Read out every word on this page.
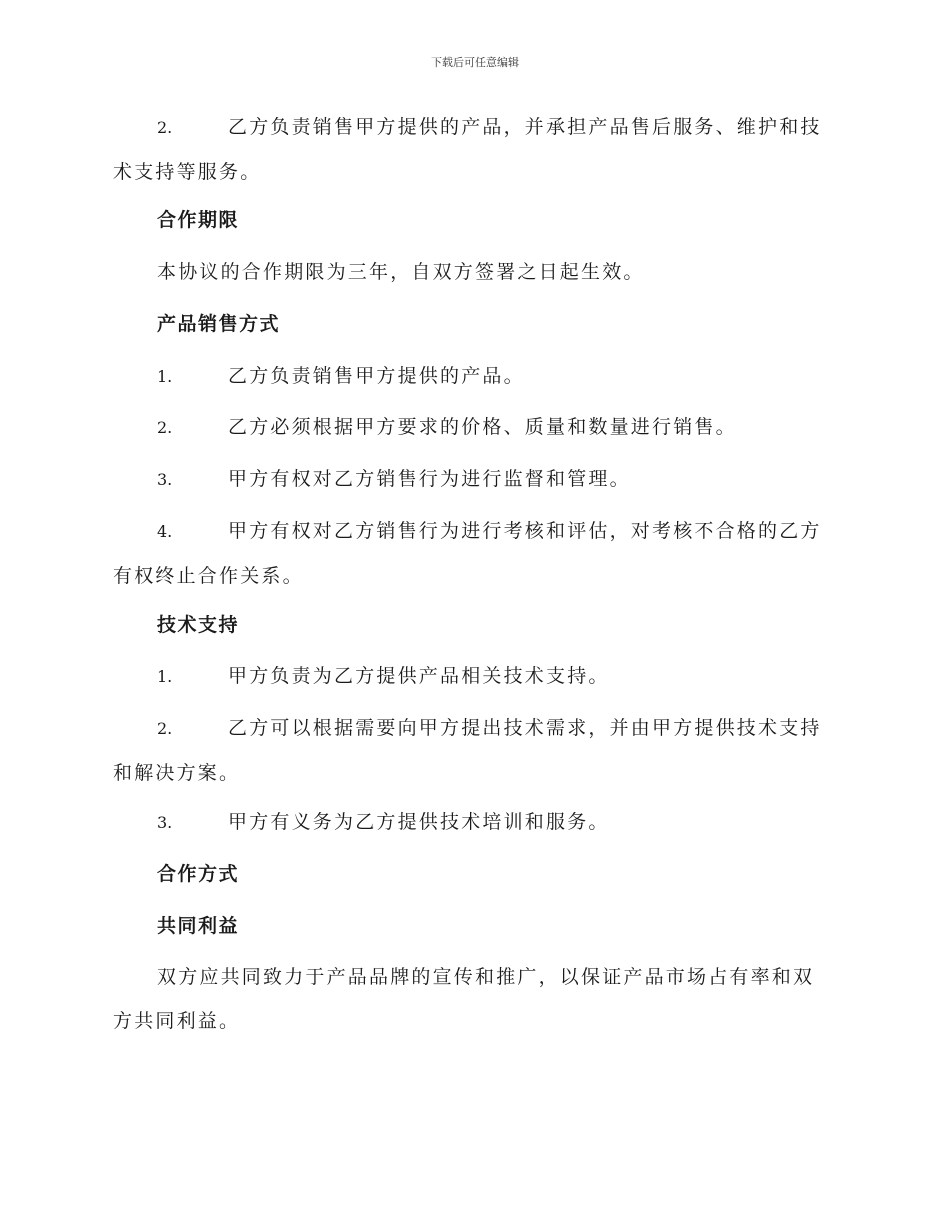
下载后可任意编辑
2.	乙方负责销售甲方提供的产品，并承担产品售后服务、维护和技术支持等服务。
合作期限
本协议的合作期限为三年，自双方签署之日起生效。
产品销售方式
1.	乙方负责销售甲方提供的产品。
2.	乙方必须根据甲方要求的价格、质量和数量进行销售。
3.	甲方有权对乙方销售行为进行监督和管理。
4.	甲方有权对乙方销售行为进行考核和评估，对考核不合格的乙方有权终止合作关系。
技术支持
1.	甲方负责为乙方提供产品相关技术支持。
2.	乙方可以根据需要向甲方提出技术需求，并由甲方提供技术支持和解决方案。
3.	甲方有义务为乙方提供技术培训和服务。
合作方式
共同利益
双方应共同致力于产品品牌的宣传和推广，以保证产品市场占有率和双方共同利益。
